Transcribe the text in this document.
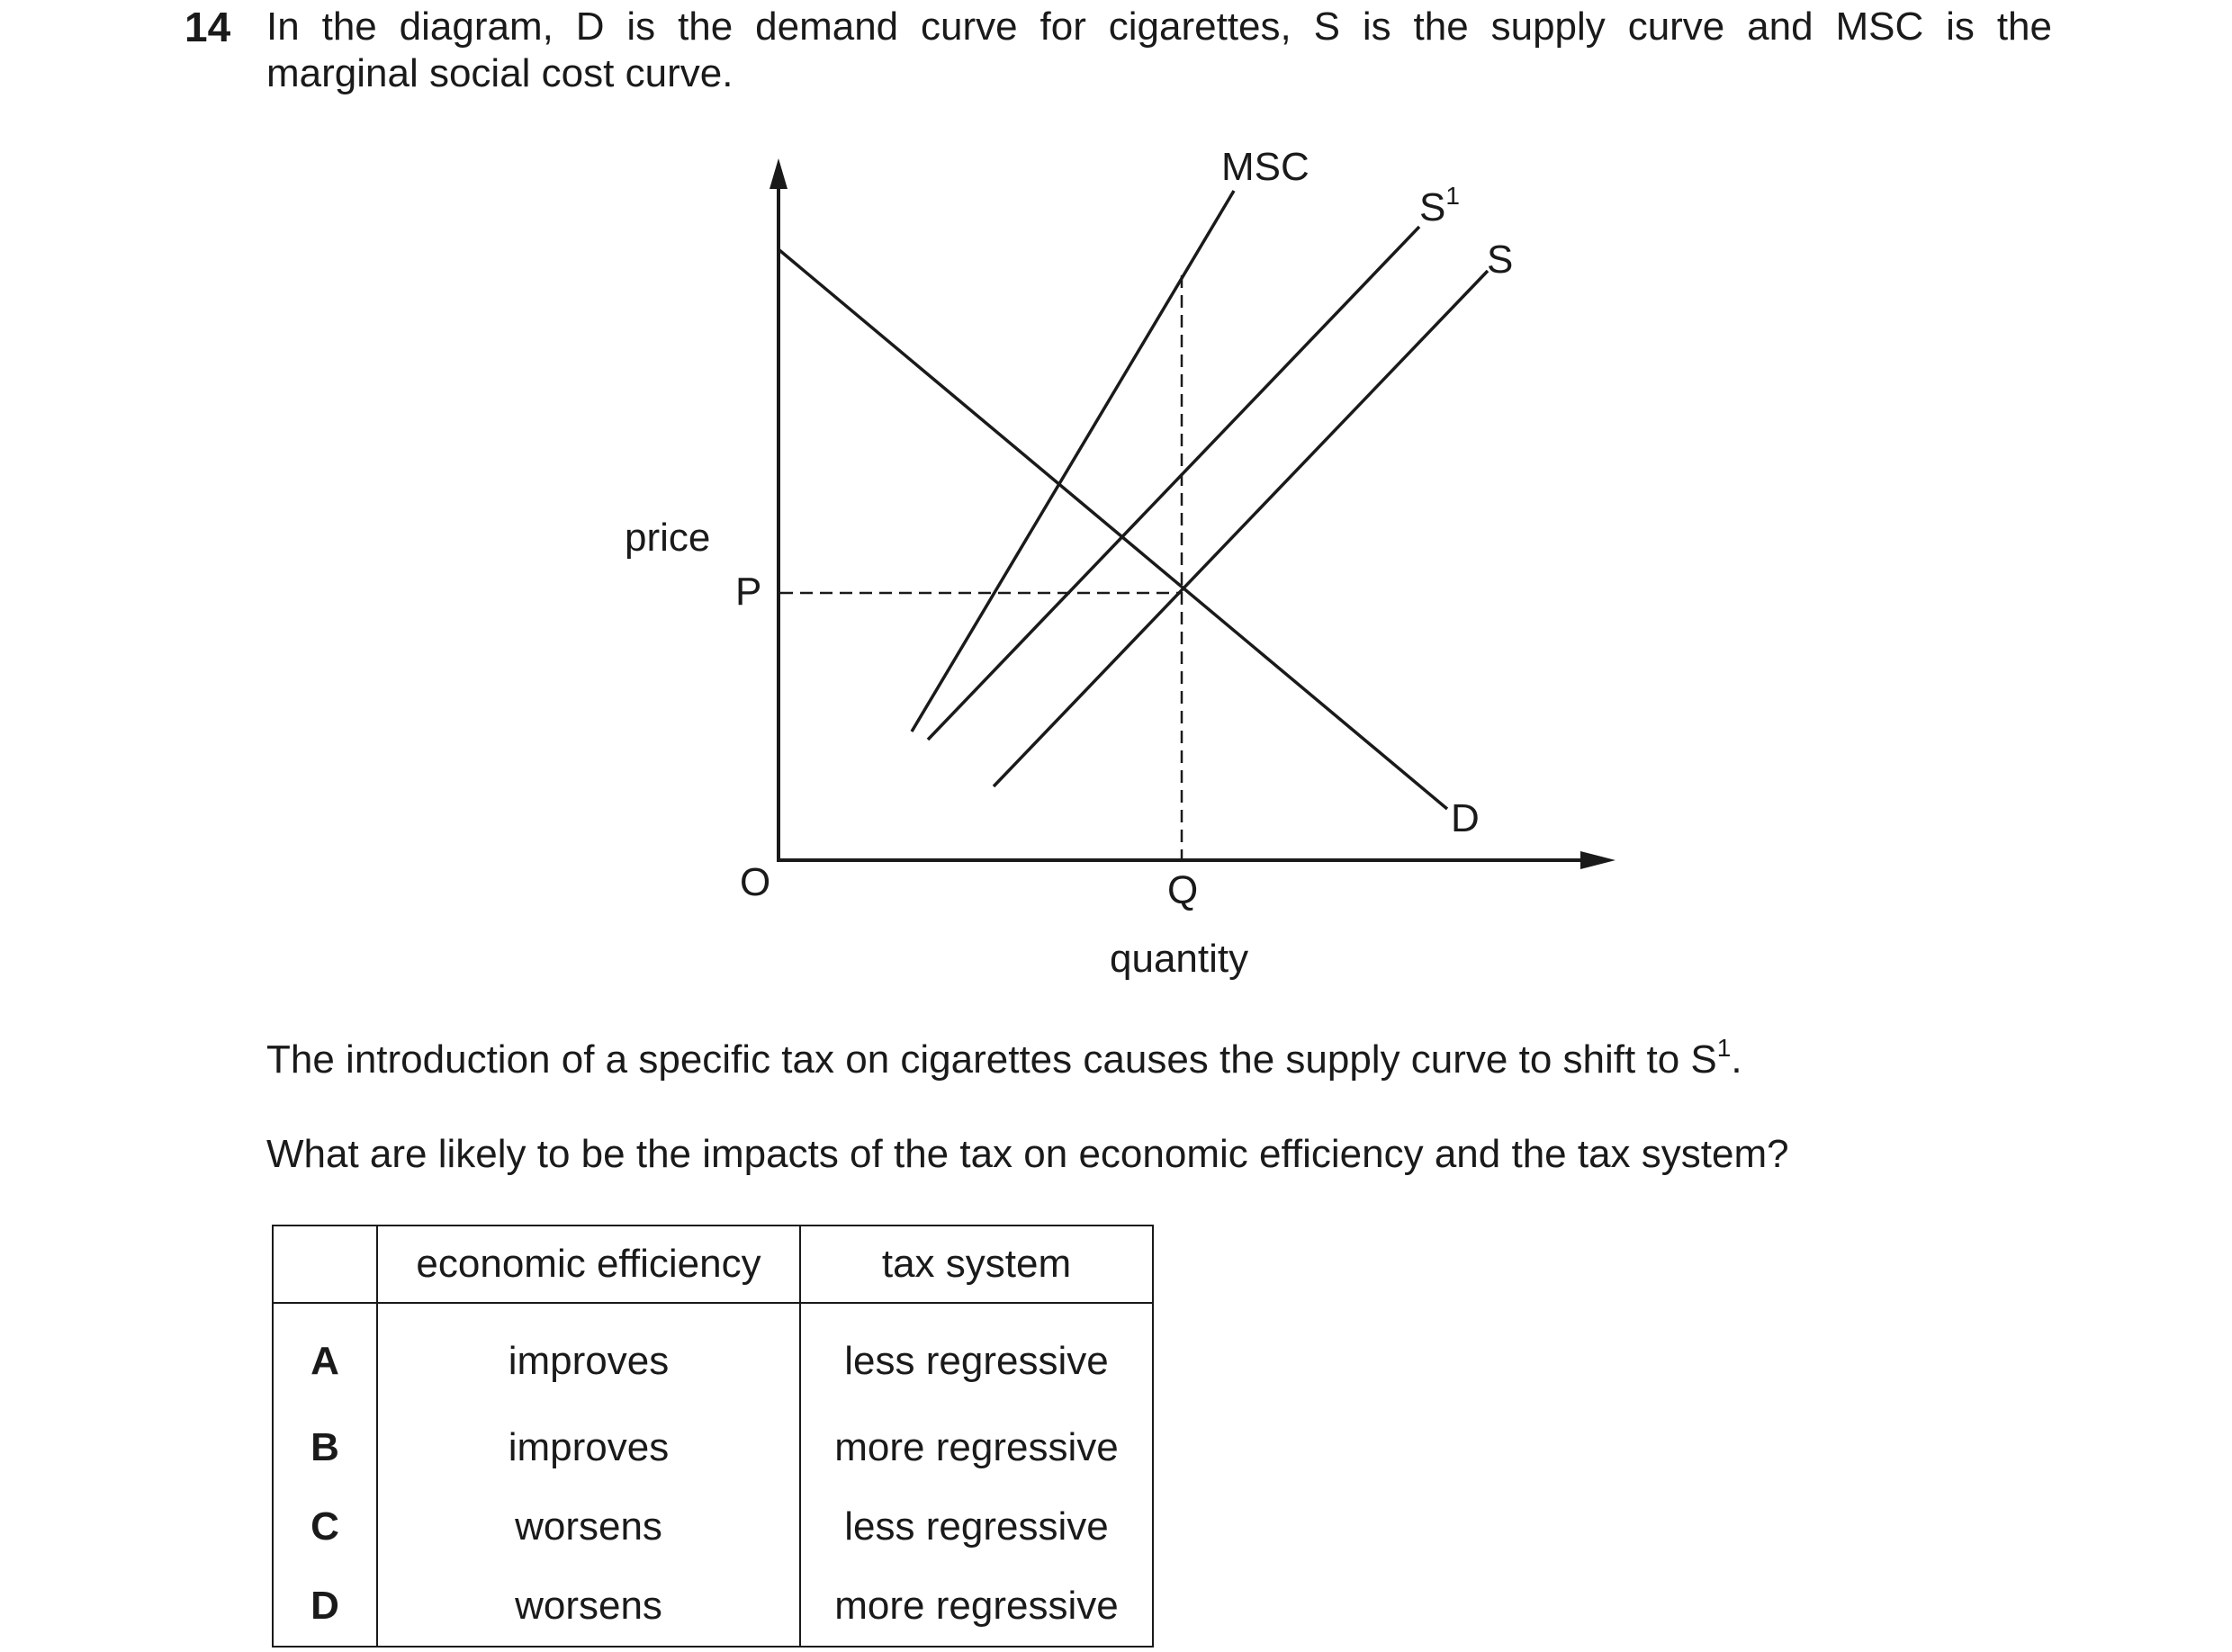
14 In the diagram, D is the demand curve for cigarettes, S is the supply curve and MSC is the
marginal social cost curve.
price
P
O	Q
quantity
MSC
$S^1$
S
D
The introduction of a specific tax on cigarettes causes the supply curve to shift to $S^1$.
What are likely to be the impacts of the tax on economic efficiency and the tax system?
	economic efficiency	tax system
A	improves	less regressive
B	improves	more regressive
C	worsens	less regressive
D	worsens	more regressive
